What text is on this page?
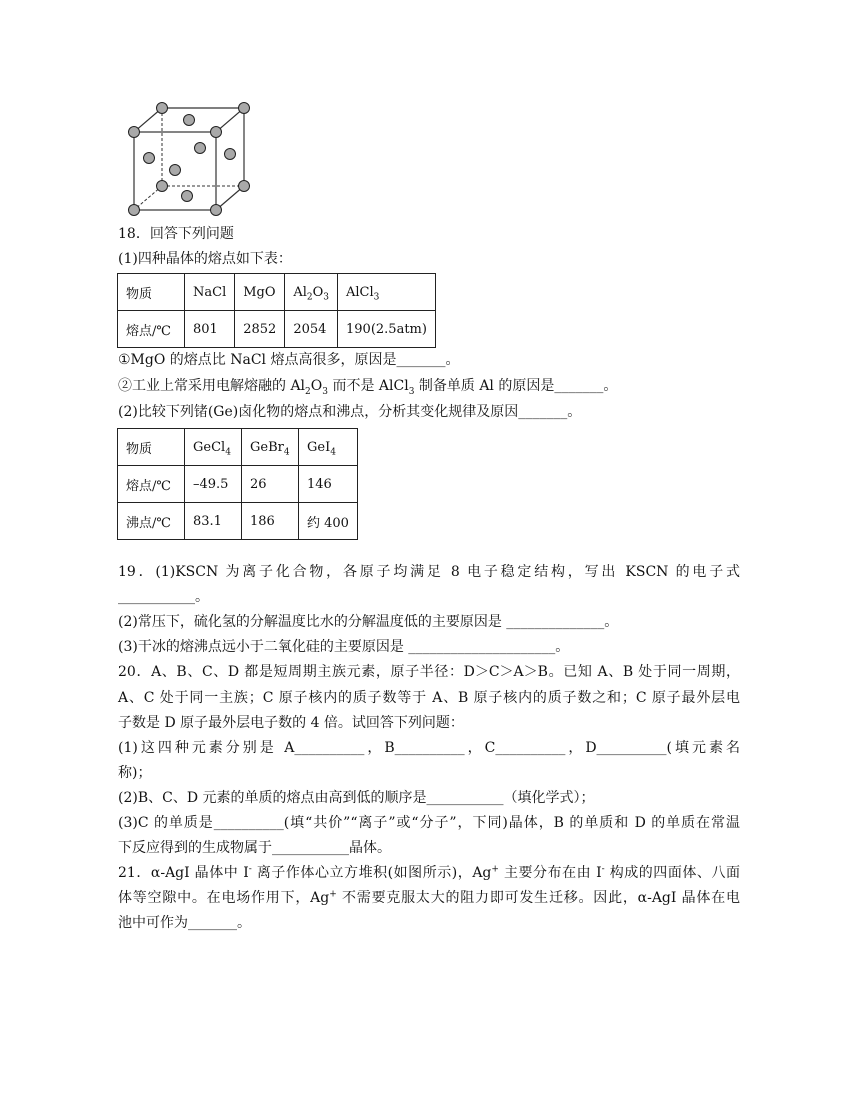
18．回答下列问题
(1)四种晶体的熔点如下表：
物质	NaCl	MgO	$Al_2O_3$	AlCl$_3$
熔点/℃	801	2852	2054	190(2.5atm)
①MgO 的熔点比 NaCl 熔点高很多，原因是_______。
②工业上常采用电解熔融的 $Al_2O_3$ 而不是 AlCl$_3$ 制备单质 Al 的原因是_______。
(2)比较下列锗(Ge)卤化物的熔点和沸点，分析其变化规律及原因_______。
物质	GeCl$_4$	GeBr$_4$	GeI$_4$
熔点/℃	–49.5	26	146
沸点/℃	83.1	186	约 400
19．(1)KSCN 为离子化合物，各原子均满足 8 电子稳定结构，写出 KSCN 的电子式
___________。
(2)常压下，硫化氢的分解温度比水的分解温度低的主要原因是 ______________。
(3)干冰的熔沸点远小于二氧化硅的主要原因是 _____________________。
20．A、B、C、D 都是短周期主族元素，原子半径：D＞C＞A＞B。已知 A、B 处于同一周期，
A、C 处于同一主族；C 原子核内的质子数等于 A、B 原子核内的质子数之和；C 原子最外层电
子数是 D 原子最外层电子数的 4 倍。试回答下列问题：
(1)这四种元素分别是 A__________，B__________，C__________，D__________(填元素名
称)；
(2)B、C、D 元素的单质的熔点由高到低的顺序是___________（填化学式）；
(3)C 的单质是__________(填“共价”“离子”或“分子”，下同)晶体，B 的单质和 D 的单质在常温
下反应得到的生成物属于___________晶体。
21．α-AgI 晶体中 I- 离子作体心立方堆积(如图所示)，Ag+ 主要分布在由 I- 构成的四面体、八面
体等空隙中。在电场作用下，Ag+ 不需要克服太大的阻力即可发生迁移。因此，α-AgI 晶体在电
池中可作为_______。
